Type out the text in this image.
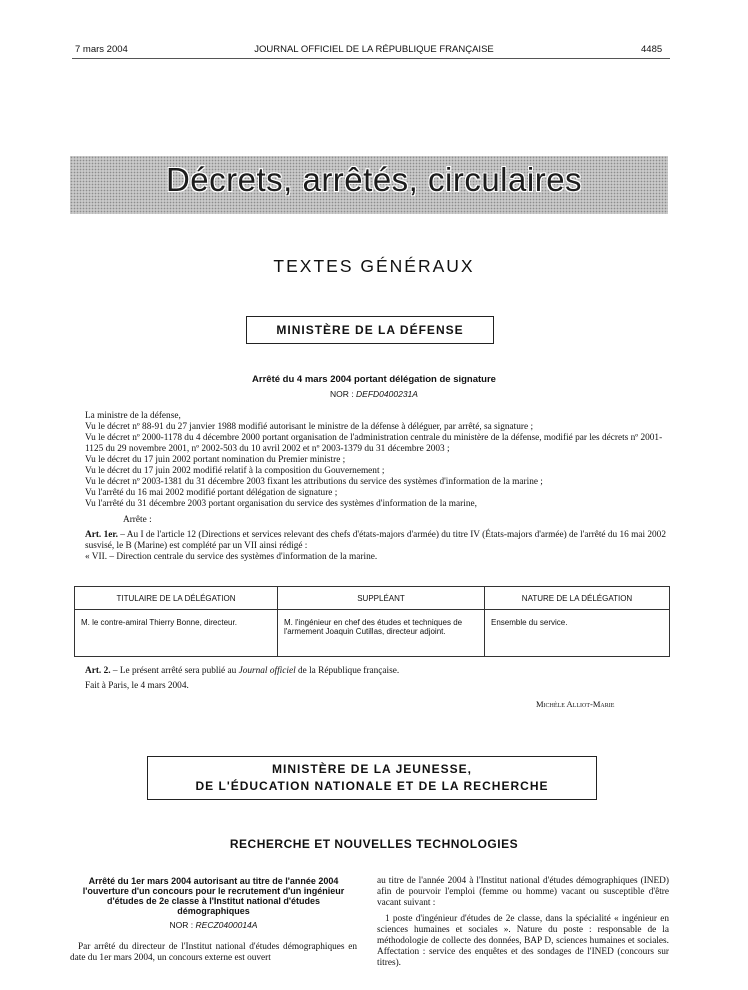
7 mars 2004	JOURNAL OFFICIEL DE LA RÉPUBLIQUE FRANÇAISE	4485
Décrets, arrêtés, circulaires
TEXTES GÉNÉRAUX
MINISTÈRE DE LA DÉFENSE
Arrêté du 4 mars 2004 portant délégation de signature
NOR : DEFD0400231A

La ministre de la défense,

Vu le décret nº 88-91 du 27 janvier 1988 modifié autorisant le ministre de la défense à déléguer, par arrêté, sa signature ;

Vu le décret nº 2000-1178 du 4 décembre 2000 portant organisation de l'administration centrale du ministère de la défense, modifié par les décrets nº 2001-1125 du 29 novembre 2001, nº 2002-503 du 10 avril 2002 et nº 2003-1379 du 31 décembre 2003 ;

Vu le décret du 17 juin 2002 portant nomination du Premier ministre ;

Vu le décret du 17 juin 2002 modifié relatif à la composition du Gouvernement ;

Vu le décret nº 2003-1381 du 31 décembre 2003 fixant les attributions du service des systèmes d'information de la marine ;

Vu l'arrêté du 16 mai 2002 modifié portant délégation de signature ;

Vu l'arrêté du 31 décembre 2003 portant organisation du service des systèmes d'information de la marine,

Arrête :

Art. 1er. – Au I de l'article 12 (Directions et services relevant des chefs d'états-majors d'armée) du titre IV (États-majors d'armée) de l'arrêté du 16 mai 2002 susvisé, le B (Marine) est complété par un VII ainsi rédigé :

« VII. – Direction centrale du service des systèmes d'information de la marine.

TITULAIRE DE LA DÉLÉGATION	SUPPLÉANT	NATURE DE LA DÉLÉGATION
M. le contre-amiral Thierry Bonne, directeur.	M. l'ingénieur en chef des études et techniques de l'armement Joaquin Cutillas, directeur adjoint.	Ensemble du service.

Art. 2. – Le présent arrêté sera publié au Journal officiel de la République française.

Fait à Paris, le 4 mars 2004.

Michèle Alliot-Marie
MINISTÈRE DE LA JEUNESSE,
DE L'ÉDUCATION NATIONALE ET DE LA RECHERCHE
RECHERCHE ET NOUVELLES TECHNOLOGIES
Arrêté du 1er mars 2004 autorisant au titre de l'année 2004 l'ouverture d'un concours pour le recrutement d'un ingénieur d'études de 2e classe à l'Institut national d'études démographiques
NOR : RECZ0400014A

Par arrêté du directeur de l'Institut national d'études démographiques en date du 1er mars 2004, un concours externe est ouvert

au titre de l'année 2004 à l'Institut national d'études démographiques (INED) afin de pourvoir l'emploi (femme ou homme) vacant ou susceptible d'être vacant suivant :

1 poste d'ingénieur d'études de 2e classe, dans la spécialité « ingénieur en sciences humaines et sociales ». Nature du poste : responsable de la méthodologie de collecte des données, BAP D, sciences humaines et sociales. Affectation : service des enquêtes et des sondages de l'INED (concours sur titres).
